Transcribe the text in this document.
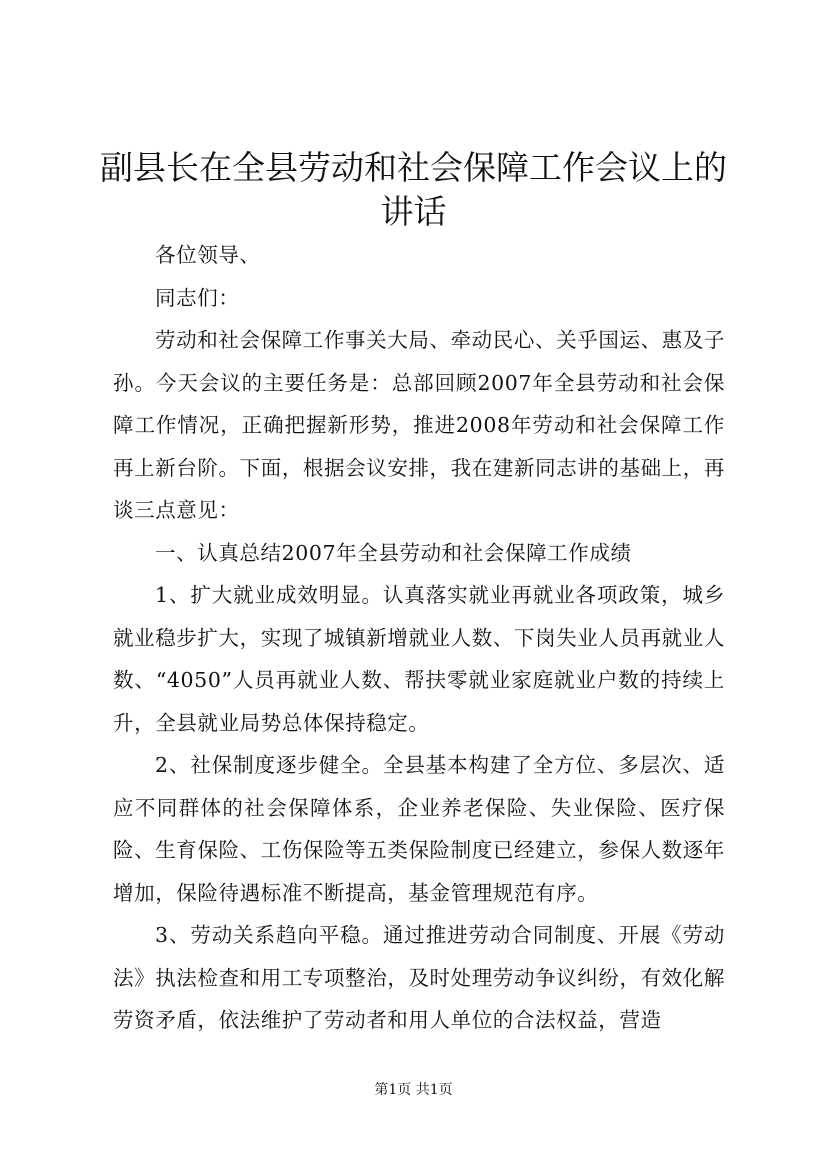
副县长在全县劳动和社会保障工作会议上的讲话

各位领导、

同志们：

劳动和社会保障工作事关大局、牵动民心、关乎国运、惠及子孙。今天会议的主要任务是：总部回顾2007年全县劳动和社会保障工作情况，正确把握新形势，推进2008年劳动和社会保障工作再上新台阶。下面，根据会议安排，我在建新同志讲的基础上，再谈三点意见：

一、认真总结2007年全县劳动和社会保障工作成绩

1、扩大就业成效明显。认真落实就业再就业各项政策，城乡就业稳步扩大，实现了城镇新增就业人数、下岗失业人员再就业人数、“4050”人员再就业人数、帮扶零就业家庭就业户数的持续上升，全县就业局势总体保持稳定。

2、社保制度逐步健全。全县基本构建了全方位、多层次、适应不同群体的社会保障体系，企业养老保险、失业保险、医疗保险、生育保险、工伤保险等五类保险制度已经建立，参保人数逐年增加，保险待遇标准不断提高，基金管理规范有序。

3、劳动关系趋向平稳。通过推进劳动合同制度、开展《劳动法》执法检查和用工专项整治，及时处理劳动争议纠纷，有效化解劳资矛盾，依法维护了劳动者和用人单位的合法权益，营造

第1页 共1页
